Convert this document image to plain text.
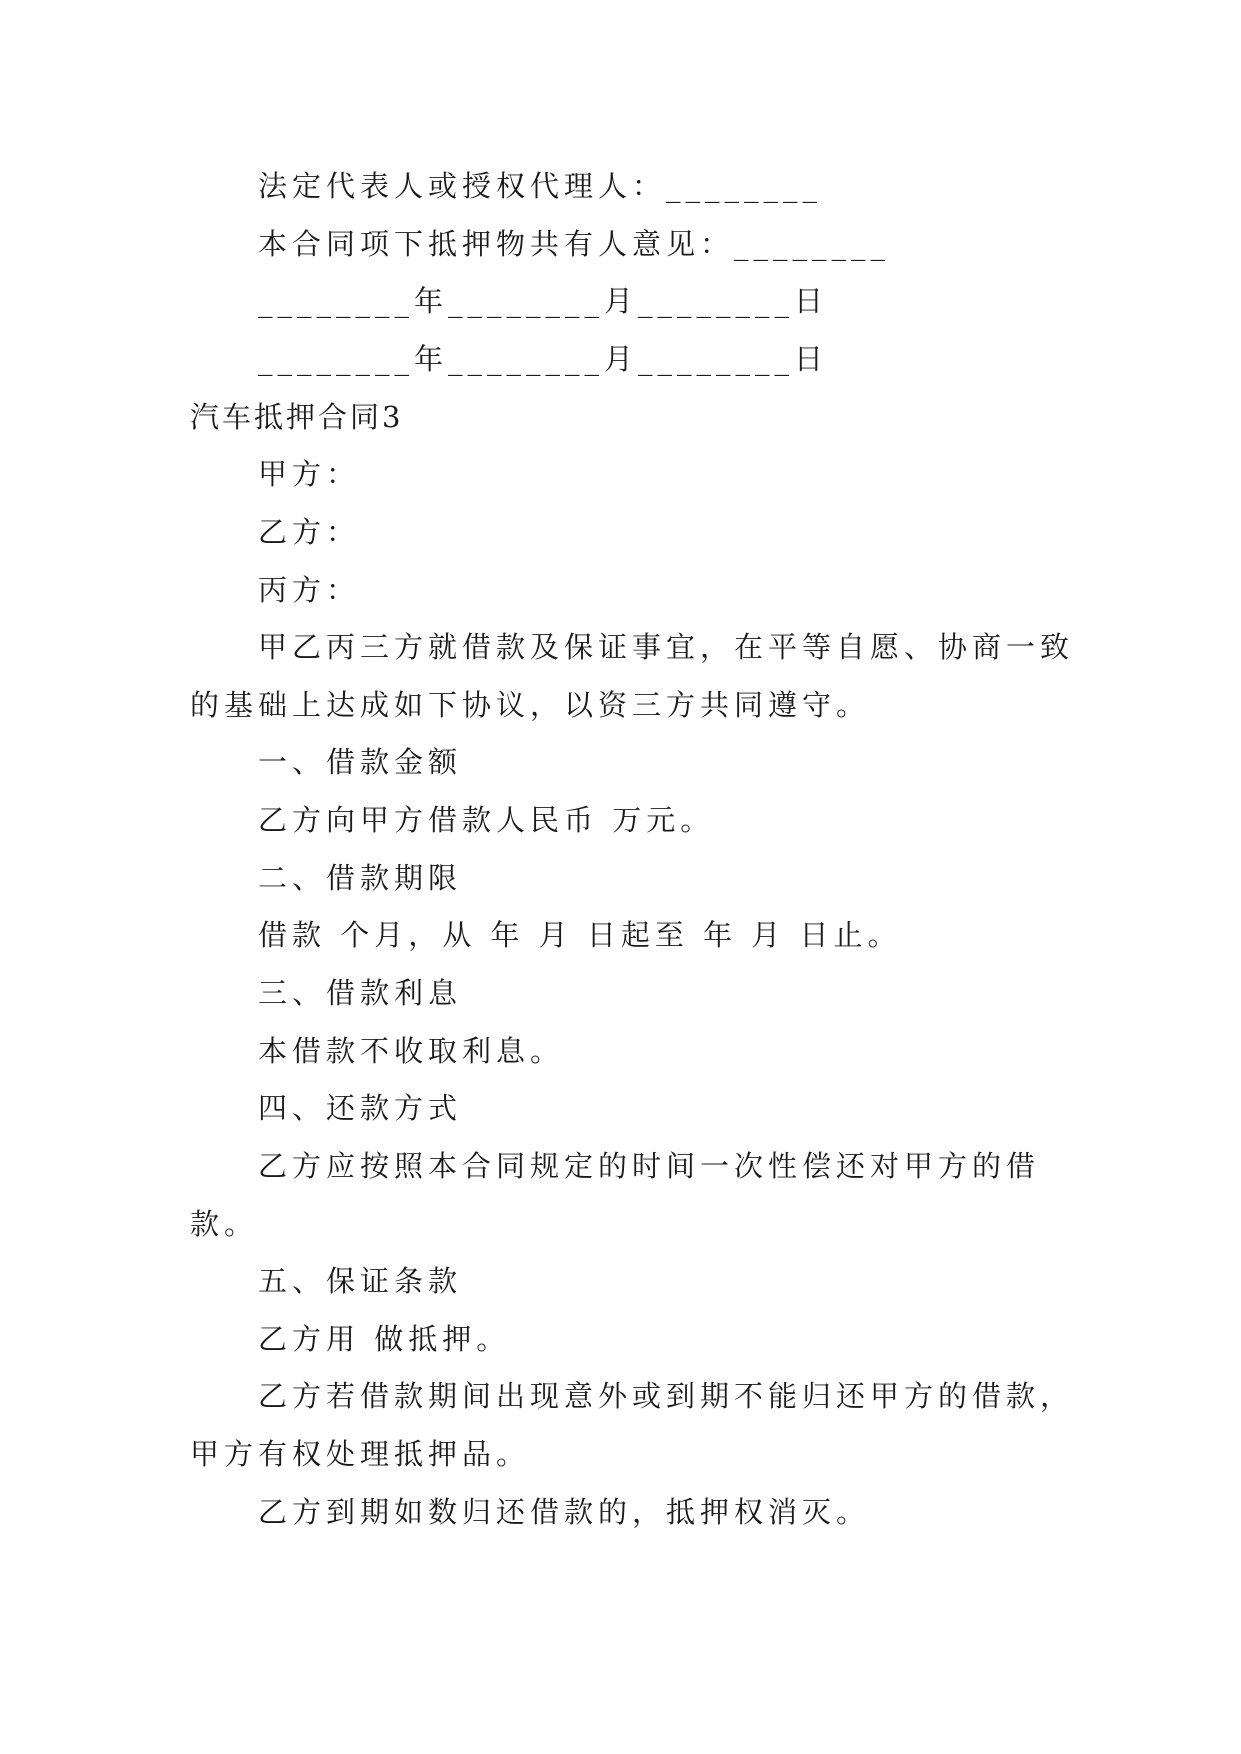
法定代表人或授权代理人：________
本合同项下抵押物共有人意见：________
________年________月________日
________年________月________日
汽车抵押合同3
甲方：
乙方：
丙方：
甲乙丙三方就借款及保证事宜，在平等自愿、协商一致
的基础上达成如下协议，以资三方共同遵守。
一、借款金额
乙方向甲方借款人民币 万元。
二、借款期限
借款 个月，从 年 月 日起至 年 月 日止。
三、借款利息
本借款不收取利息。
四、还款方式
乙方应按照本合同规定的时间一次性偿还对甲方的借
款。
五、保证条款
乙方用 做抵押。
乙方若借款期间出现意外或到期不能归还甲方的借款，
甲方有权处理抵押品。
乙方到期如数归还借款的，抵押权消灭。
